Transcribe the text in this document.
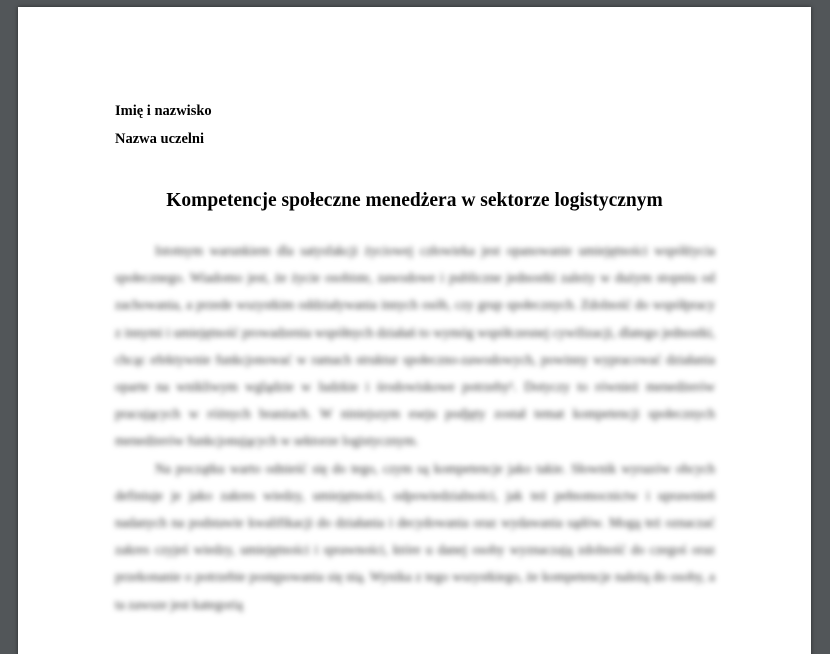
Imię i nazwisko
Nazwa uczelni
Kompetencje społeczne menedżera w sektorze logistycznym

Istotnym warunkiem dla satysfakcji życiowej człowieka jest opanowanie umiejętności współżycia społecznego. Wiadomo jest, że życie osobiste, zawodowe i publiczne jednostki zależy w dużym stopniu od zachowania, a przede wszystkim oddziaływania innych osób, czy grup społecznych. Zdolność do współpracy z innymi i umiejętność prowadzenia współnych działań to wymóg współczesnej cywilizacji, dlatego jednostki, chcąc efektywnie funkcjonować w ramach struktur społeczno-zawodowych, powinny wypracować działania oparte na wnikliwym wglądzie w ludzkie i środowiskowe potrzeby¹. Dotyczy to również menedżerów pracujących w różnych branżach. W niniejszym eseju podjęty został temat kompetencji społecznych menedżerów funkcjonujących w sektorze logistycznym.

Na początku warto odnieść się do tego, czym są kompetencje jako takie. Słownik wyrazów obcych definiuje je jako zakres wiedzy, umiejętności, odpowiedzialności, jak też pełnomocnictw i uprawnień nadanych na podstawie kwalifikacji do działania i decydowania oraz wydawania sądów. Mogą też oznaczać zakres czyjeś wiedzy, umiejętności i sprawności, które u danej osoby wyznaczają zdolność do czegoś oraz przekonanie o potrzebie postępowania się nią. Wynika z tego wszystkiego, że kompetencje należą do osoby, a ta zawsze jest kategorią
